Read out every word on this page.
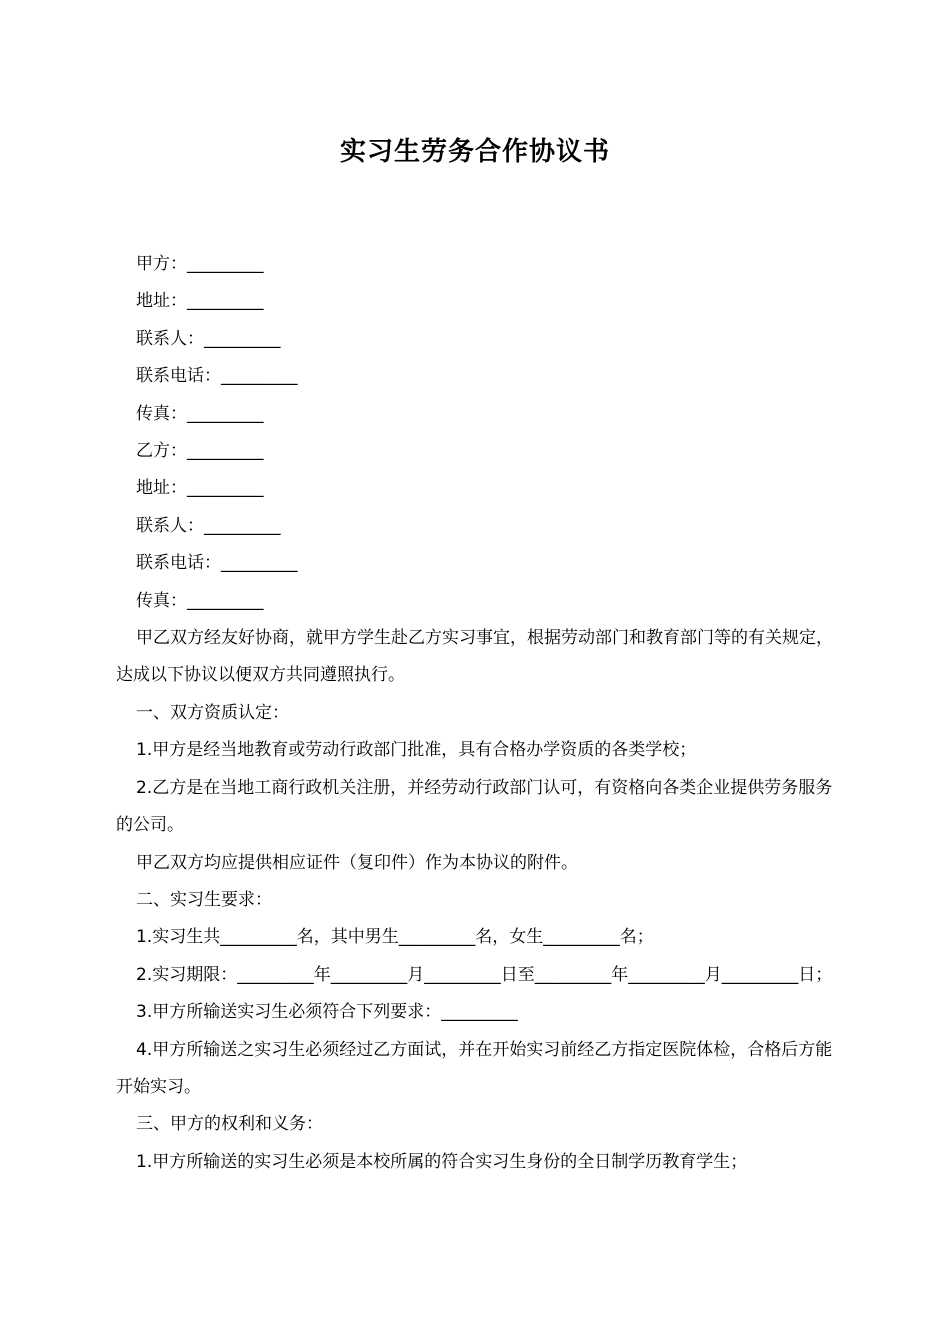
实习生劳务合作协议书

甲方：_________

地址：_________

联系人：_________

联系电话：_________

传真：_________

乙方：_________

地址：_________

联系人：_________

联系电话：_________

传真：_________

甲乙双方经友好协商，就甲方学生赴乙方实习事宜，根据劳动部门和教育部门等的有关规定，达成以下协议以便双方共同遵照执行。

一、双方资质认定：

1.甲方是经当地教育或劳动行政部门批准，具有合格办学资质的各类学校；

2.乙方是在当地工商行政机关注册，并经劳动行政部门认可，有资格向各类企业提供劳务服务的公司。

甲乙双方均应提供相应证件（复印件）作为本协议的附件。

二、实习生要求：

1.实习生共_________名，其中男生_________名，女生_________名；

2.实习期限：_________年_________月_________日至_________年_________月_________日；

3.甲方所输送实习生必须符合下列要求：_________

4.甲方所输送之实习生必须经过乙方面试，并在开始实习前经乙方指定医院体检，合格后方能开始实习。

三、甲方的权利和义务：

1.甲方所输送的实习生必须是本校所属的符合实习生身份的全日制学历教育学生；
